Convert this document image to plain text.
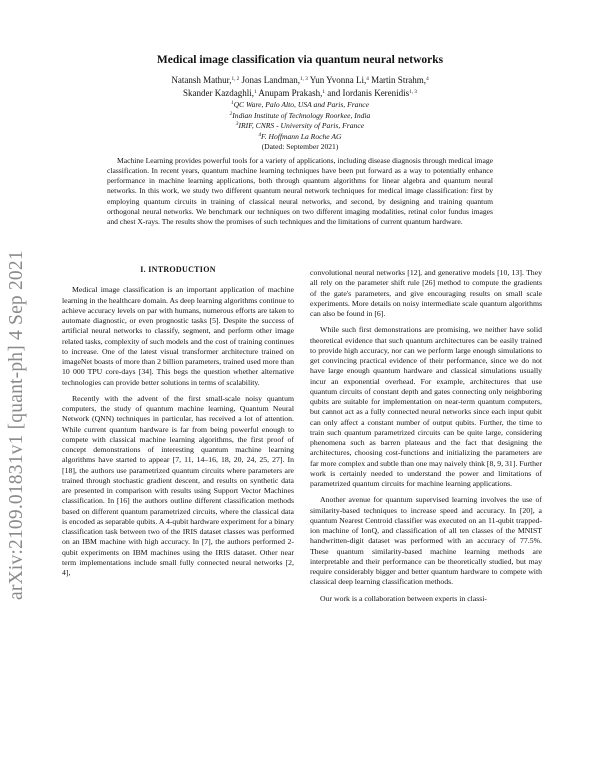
arXiv:2109.01831v1 [quant-ph] 4 Sep 2021
Medical image classification via quantum neural networks
Natansh Mathur,$^{1, 2}$ Jonas Landman,$^{1, 3}$ Yun Yvonna Li,$^4$ Martin Strahm,$^4$
Skander Kazdaghli,$^1$ Anupam Prakash,$^1$ and Iordanis Kerenidis$^{1, 3}$
$^1$QC Ware, Palo Alto, USA and Paris, France
$^2$Indian Institute of Technology Roorkee, India
$^3$IRIF, CNRS - University of Paris, France
$^4$F. Hoffmann La Roche AG
(Dated: September 2021)
Machine Learning provides powerful tools for a variety of applications, including disease diagnosis through medical image classification. In recent years, quantum machine learning techniques have been put forward as a way to potentially enhance performance in machine learning applications, both through quantum algorithms for linear algebra and quantum neural networks. In this work, we study two different quantum neural network techniques for medical image classification: first by employing quantum circuits in training of classical neural networks, and second, by designing and training quantum orthogonal neural networks. We benchmark our techniques on two different imaging modalities, retinal color fundus images and chest X-rays. The results show the promises of such techniques and the limitations of current quantum hardware.
I. INTRODUCTION

Medical image classification is an important application of machine learning in the healthcare domain. As deep learning algorithms continue to achieve accuracy levels on par with humans, numerous efforts are taken to automate diagnostic, or even prognostic tasks [5]. Despite the success of artificial neural networks to classify, segment, and perform other image related tasks, complexity of such models and the cost of training continues to increase. One of the latest visual transformer architecture trained on imageNet boasts of more than 2 billion parameters, trained used more than 10 000 TPU core-days [34]. This begs the question whether alternative technologies can provide better solutions in terms of scalability.

Recently with the advent of the first small-scale noisy quantum computers, the study of quantum machine learning, Quantum Neural Network (QNN) techniques in particular, has received a lot of attention. While current quantum hardware is far from being powerful enough to compete with classical machine learning algorithms, the first proof of concept demonstrations of interesting quantum machine learning algorithms have started to appear [7, 11, 14–16, 18, 20, 24, 25, 27]. In [18], the authors use parametrized quantum circuits where parameters are trained through stochastic gradient descent, and results on synthetic data are presented in comparison with results using Support Vector Machines classification. In [16] the authors outline different classification methods based on different quantum parametrized circuits, where the classical data is encoded as separable qubits. A 4-qubit hardware experiment for a binary classification task between two of the IRIS dataset classes was performed on an IBM machine with high accuracy. In [7], the authors performed 2-qubit experiments on IBM machines using the IRIS dataset. Other near term implementations include small fully connected neural networks [2, 4],

convolutional neural networks [12], and generative models [10, 13]. They all rely on the parameter shift rule [26] method to compute the gradients of the gate's parameters, and give encouraging results on small scale experiments. More details on noisy intermediate scale quantum algorithms can also be found in [6].

While such first demonstrations are promising, we neither have solid theoretical evidence that such quantum architectures can be easily trained to provide high accuracy, nor can we perform large enough simulations to get convincing practical evidence of their performance, since we do not have large enough quantum hardware and classical simulations usually incur an exponential overhead. For example, architectures that use quantum circuits of constant depth and gates connecting only neighboring qubits are suitable for implementation on near-term quantum computers, but cannot act as a fully connected neural networks since each input qubit can only affect a constant number of output qubits. Further, the time to train such quantum parametrized circuits can be quite large, considering phenomena such as barren plateaus and the fact that designing the architectures, choosing cost-functions and initializing the parameters are far more complex and subtle than one may naively think [8, 9, 31]. Further work is certainly needed to understand the power and limitations of parametrized quantum circuits for machine learning applications.

Another avenue for quantum supervised learning involves the use of similarity-based techniques to increase speed and accuracy. In [20], a quantum Nearest Centroid classifier was executed on an 11-qubit trapped-ion machine of IonQ, and classification of all ten classes of the MNIST handwritten-digit dataset was performed with an accuracy of 77.5%. These quantum similarity-based machine learning methods are interpretable and their performance can be theoretically studied, but may require considerably bigger and better quantum hardware to compete with classical deep learning classification methods.

Our work is a collaboration between experts in classi-
